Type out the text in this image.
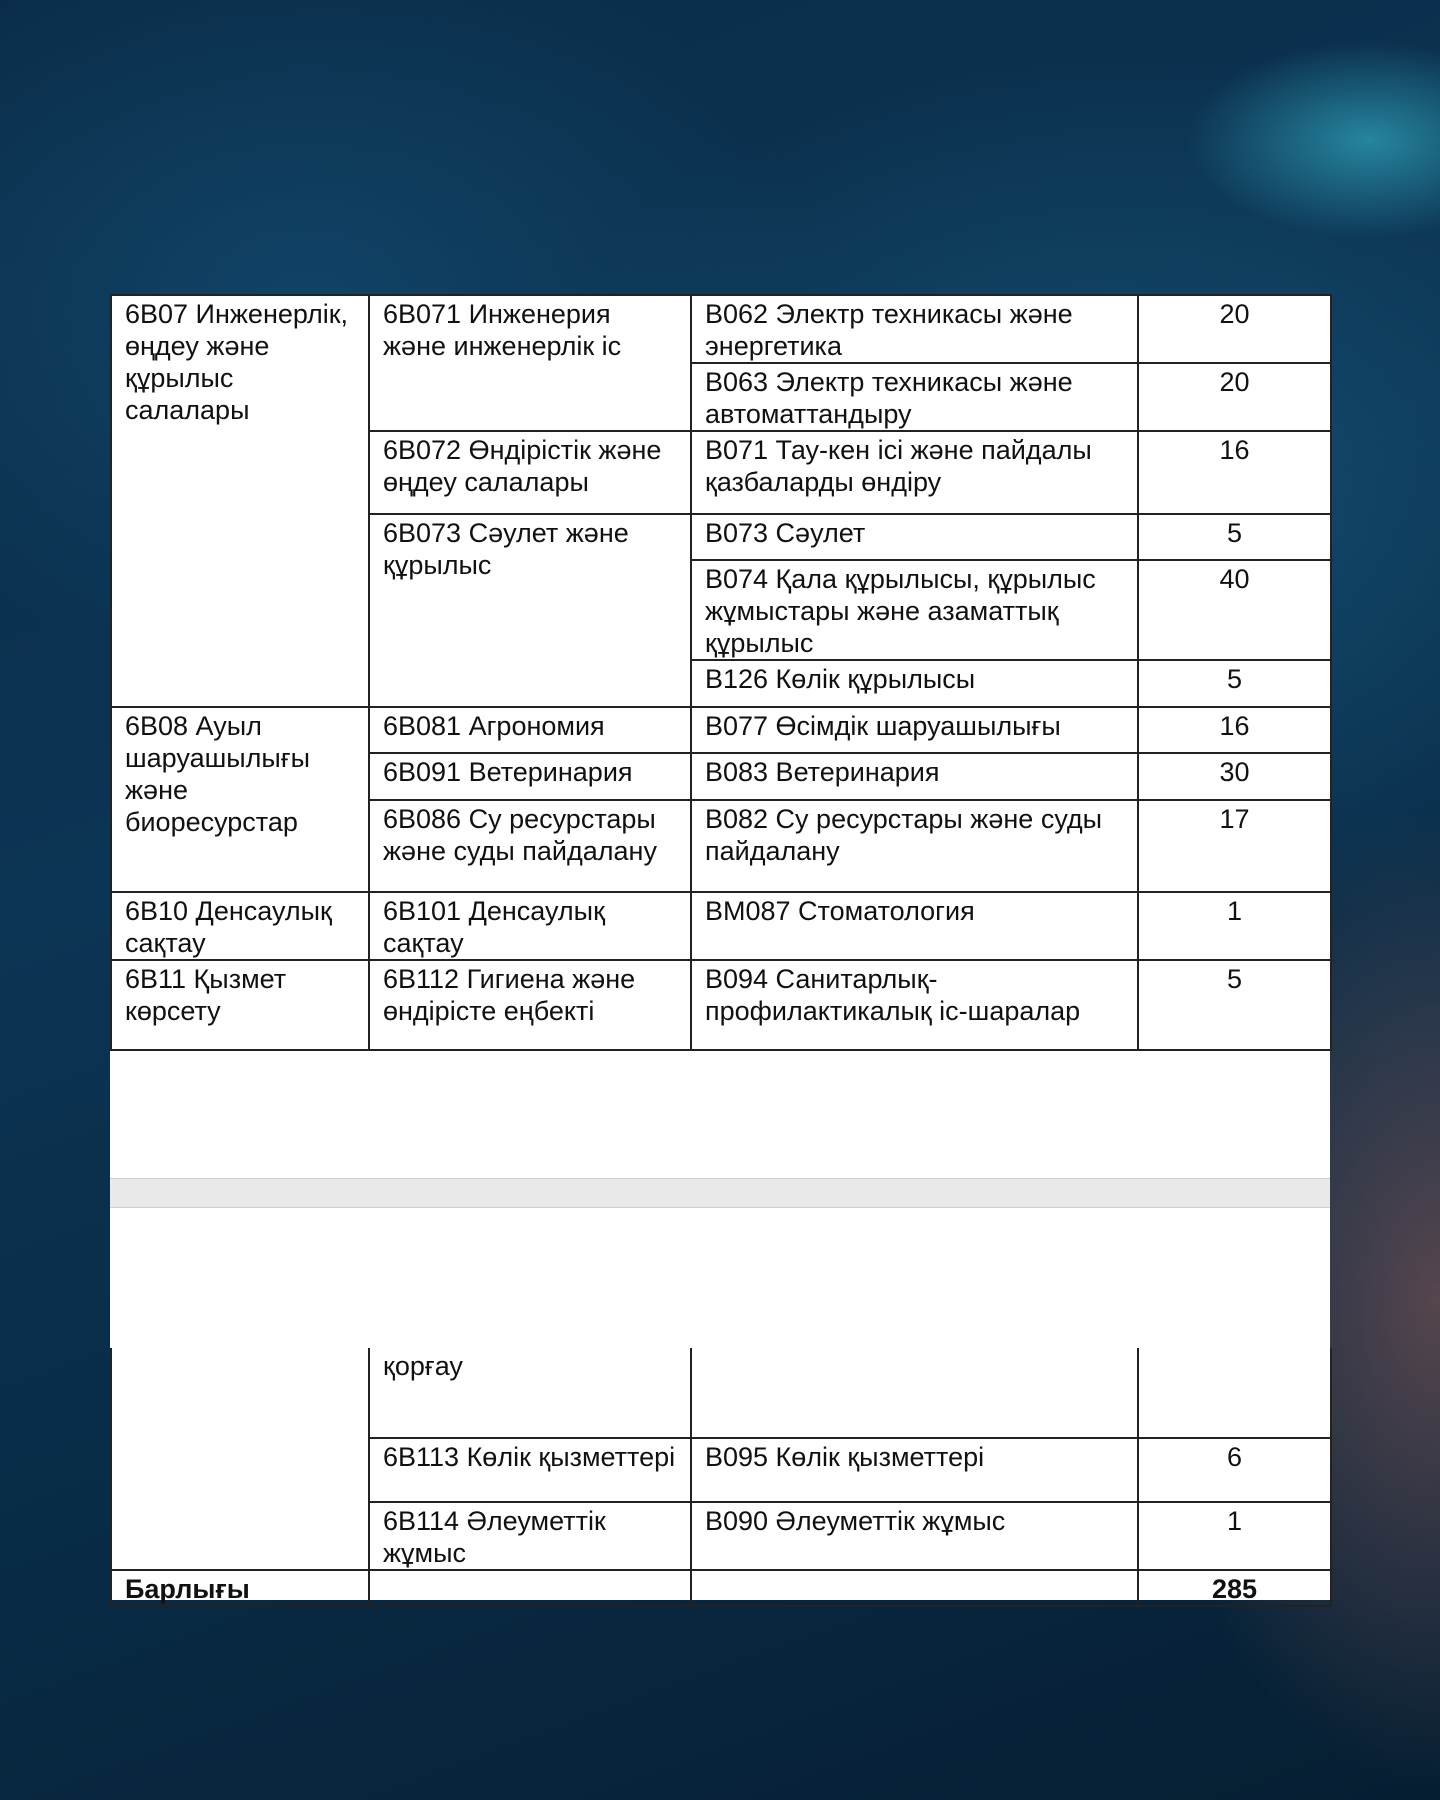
6B07 Инженерлік, өңдеу және құрылыс салалары	6B071 Инженерия және инженерлік іс	B062 Электр техникасы және энергетика	20
		B063 Электр техникасы және автоматтандыру	20
	6B072 Өндірістік және өңдеу салалары	B071 Тау-кен ісі және пайдалы қазбаларды өндіру	16
	6B073 Сәулет және құрылыс	B073 Сәулет	5
		B074 Қала құрылысы, құрылыс жұмыстары және азаматтық құрылыс	40
		B126 Көлік құрылысы	5
6B08 Ауыл шаруашылығы және биоресурстар	6B081 Агрономия	B077 Өсімдік шаруашылығы	16
	6B091 Ветеринария	B083 Ветеринария	30
	6B086 Су ресурстары және суды пайдалану	B082 Су ресурстары және суды пайдалану	17
6B10 Денсаулық сақтау	6B101 Денсаулық сақтау	BM087 Стоматология	1
6B11 Қызмет көрсету	6B112 Гигиена және өндірісте еңбекті	B094 Санитарлық-профилактикалық іс-шаралар	5
	қорғау		
	6B113 Көлік қызметтері	B095 Көлік қызметтері	6
	6B114 Әлеуметтік жұмыс	B090 Әлеуметтік жұмыс	1
Барлығы			285
